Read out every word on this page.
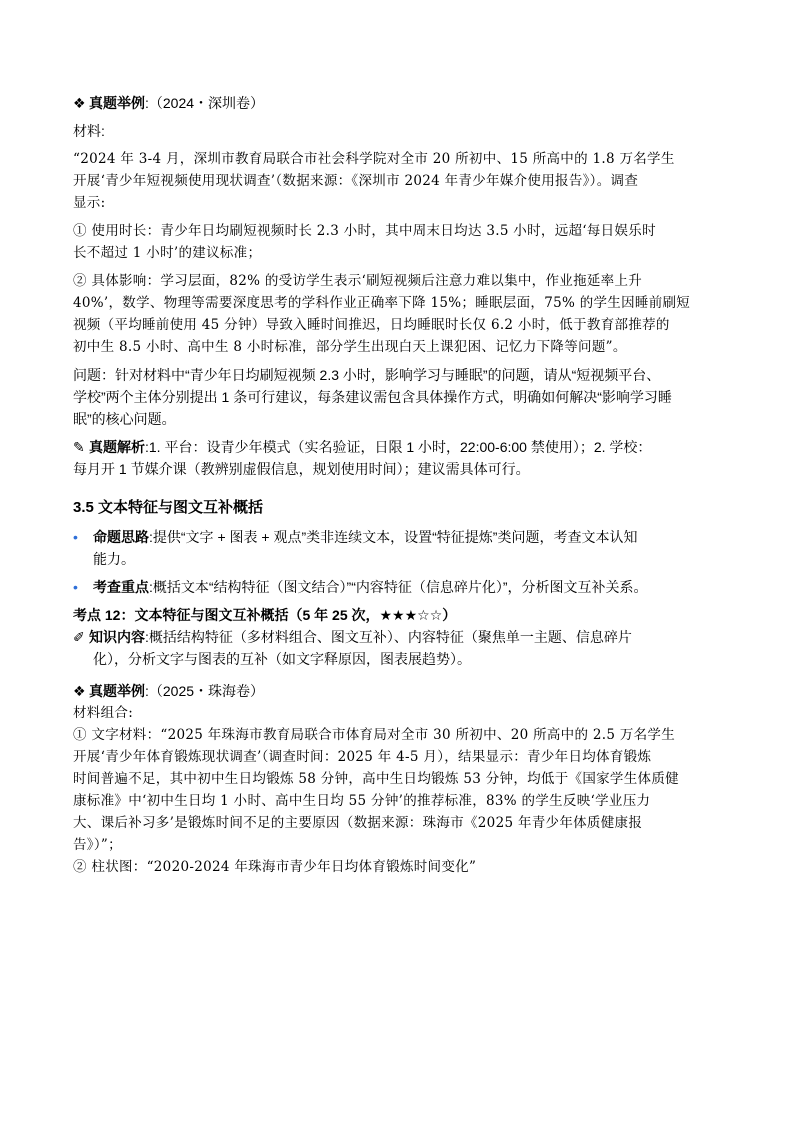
❖ 真题举例:（2024・深圳卷）
材料:
“2024 年 3-4 月，深圳市教育局联合市社会科学院对全市 20 所初中、15 所高中的 1.8 万名学生
开展‘青少年短视频使用现状调查’（数据来源：《深圳市 2024 年青少年媒介使用报告》）。调查
显示:
① 使用时长：青少年日均刷短视频时长 2.3 小时，其中周末日均达 3.5 小时，远超‘每日娱乐时
长不超过 1 小时’的建议标准；
② 具体影响：学习层面，82% 的受访学生表示‘刷短视频后注意力难以集中，作业拖延率上升
40%’，数学、物理等需要深度思考的学科作业正确率下降 15%；睡眠层面，75% 的学生因睡前刷短
视频（平均睡前使用 45 分钟）导致入睡时间推迟，日均睡眠时长仅 6.2 小时，低于教育部推荐的
初中生 8.5 小时、高中生 8 小时标准，部分学生出现白天上课犯困、记忆力下降等问题”。
问题：针对材料中“青少年日均刷短视频 2.3 小时，影响学习与睡眠”的问题，请从“短视频平台、
学校”两个主体分别提出 1 条可行建议，每条建议需包含具体操作方式，明确如何解决“影响学习睡
眠”的核心问题。
✎ 真题解析:1. 平台：设青少年模式（实名验证，日限 1 小时，22:00-6:00 禁使用）；2. 学校：
每月开 1 节媒介课（教辨别虚假信息，规划使用时间）；建议需具体可行。
3.5 文本特征与图文互补概括
•	命题思路:提供“文字 + 图表 + 观点”类非连续文本，设置“特征提炼”类问题，考查文本认知
能力。
•	考查重点:概括文本“结构特征（图文结合）”“内容特征（信息碎片化）”，分析图文互补关系。
考点 12：文本特征与图文互补概括（5 年 25 次，★★★☆☆）
✐ 知识内容:概括结构特征（多材料组合、图文互补）、内容特征（聚焦单一主题、信息碎片
化），分析文字与图表的互补（如文字释原因，图表展趋势）。
❖ 真题举例:（2025・珠海卷）
材料组合:
① 文字材料：“2025 年珠海市教育局联合市体育局对全市 30 所初中、20 所高中的 2.5 万名学生
开展‘青少年体育锻炼现状调查’（调查时间：2025 年 4-5 月），结果显示：青少年日均体育锻炼
时间普遍不足，其中初中生日均锻炼 58 分钟，高中生日均锻炼 53 分钟，均低于《国家学生体质健
康标准》中‘初中生日均 1 小时、高中生日均 55 分钟’的推荐标准，83% 的学生反映‘学业压力
大、课后补习多’是锻炼时间不足的主要原因（数据来源：珠海市《2025 年青少年体质健康报
告》）”；
② 柱状图：“2020-2024 年珠海市青少年日均体育锻炼时间变化”
